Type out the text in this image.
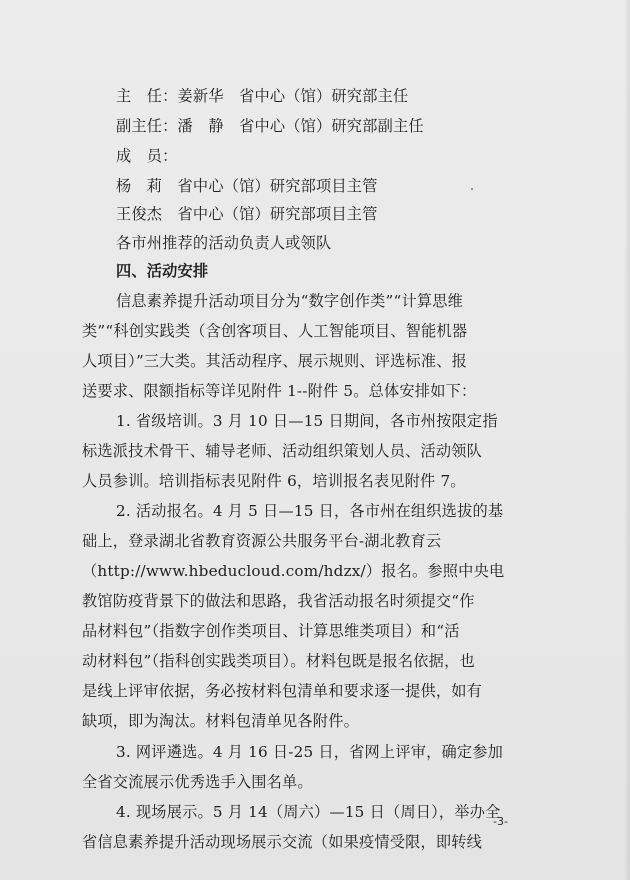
主　任：姜新华　省中心（馆）研究部主任
副主任：潘　静　省中心（馆）研究部副主任
成　员：
杨　莉　省中心（馆）研究部项目主管
王俊杰　省中心（馆）研究部项目主管
各市州推荐的活动负责人或领队
四、活动安排
信息素养提升活动项目分为“数字创作类”“计算思维
类”“科创实践类（含创客项目、人工智能项目、智能机器
人项目）”三大类。其活动程序、展示规则、评选标准、报
送要求、限额指标等详见附件 1--附件 5。总体安排如下：
1. 省级培训。3 月 10 日—15 日期间，各市州按限定指
标选派技术骨干、辅导老师、活动组织策划人员、活动领队
人员参训。培训指标表见附件 6，培训报名表见附件 7。
2. 活动报名。4 月 5 日—15 日，各市州在组织选拔的基
础上，登录湖北省教育资源公共服务平台-湖北教育云
（http://www.hbeducloud.com/hdzx/）报名。参照中央电
教馆防疫背景下的做法和思路，我省活动报名时须提交“作
品材料包”（指数字创作类项目、计算思维类项目）和“活
动材料包”（指科创实践类项目）。材料包既是报名依据，也
是线上评审依据，务必按材料包清单和要求逐一提供，如有
缺项，即为淘汰。材料包清单见各附件。
3. 网评遴选。4 月 16 日-25 日，省网上评审，确定参加
全省交流展示优秀选手入围名单。
4. 现场展示。5 月 14（周六）—15 日（周日），举办全
省信息素养提升活动现场展示交流（如果疫情受限，即转线
-3-
